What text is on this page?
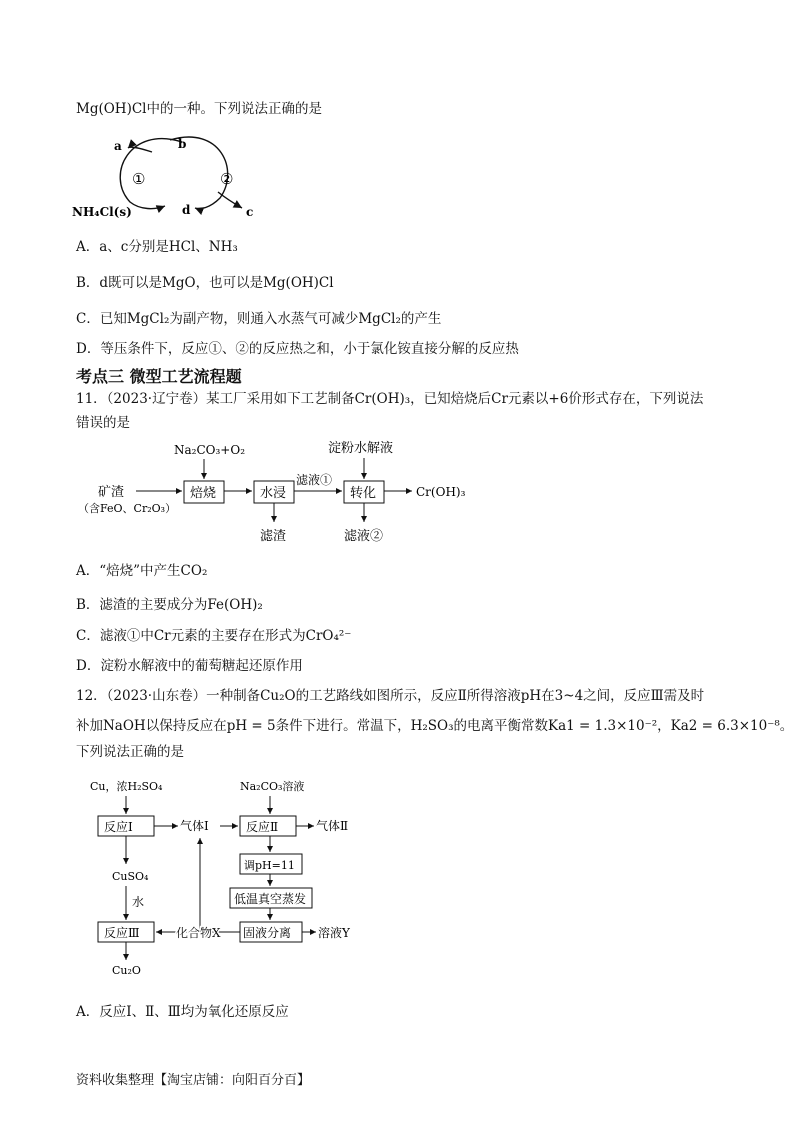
Mg(OH)Cl中的一种。下列说法正确的是
a	b
①	②
NH₄Cl(s)	d	c
A．a、c分别是HCl、NH₃
B．d既可以是MgO，也可以是Mg(OH)Cl
C．已知MgCl₂为副产物，则通入水蒸气可减少MgCl₂的产生
D．等压条件下，反应①、②的反应热之和，小于氯化铵直接分解的反应热
考点三 微型工艺流程题
11．（2023·辽宁卷）某工厂采用如下工艺制备Cr(OH)₃，已知焙烧后Cr元素以+6价形式存在，下列说法
错误的是
Na₂CO₃+O₂	淀粉水解液
矿渣
（含FeO、Cr₂O₃）
焙烧	水浸
滤液①
转化	Cr(OH)₃
滤渣	滤液②
A．“焙烧”中产生CO₂
B．滤渣的主要成分为Fe(OH)₂
C．滤液①中Cr元素的主要存在形式为CrO₄²⁻
D．淀粉水解液中的葡萄糖起还原作用
12．（2023·山东卷）一种制备Cu₂O的工艺路线如图所示，反应Ⅱ所得溶液pH在3~4之间，反应Ⅲ需及时
补加NaOH以保持反应在pH = 5条件下进行。常温下，H₂SO₃的电离平衡常数Ka1 = 1.3×10⁻²，Ka2 = 6.3×10⁻⁸。
下列说法正确的是
Cu，浓H₂SO₄
反应Ⅰ	气体Ⅰ
CuSO₄
水
反应Ⅲ
Cu₂O
Na₂CO₃溶液
反应Ⅱ	气体Ⅱ
调pH=11
低温真空蒸发
固液分离 溶液Y
化合物X
A．反应Ⅰ、Ⅱ、Ⅲ均为氧化还原反应
资料收集整理【淘宝店铺：向阳百分百】
